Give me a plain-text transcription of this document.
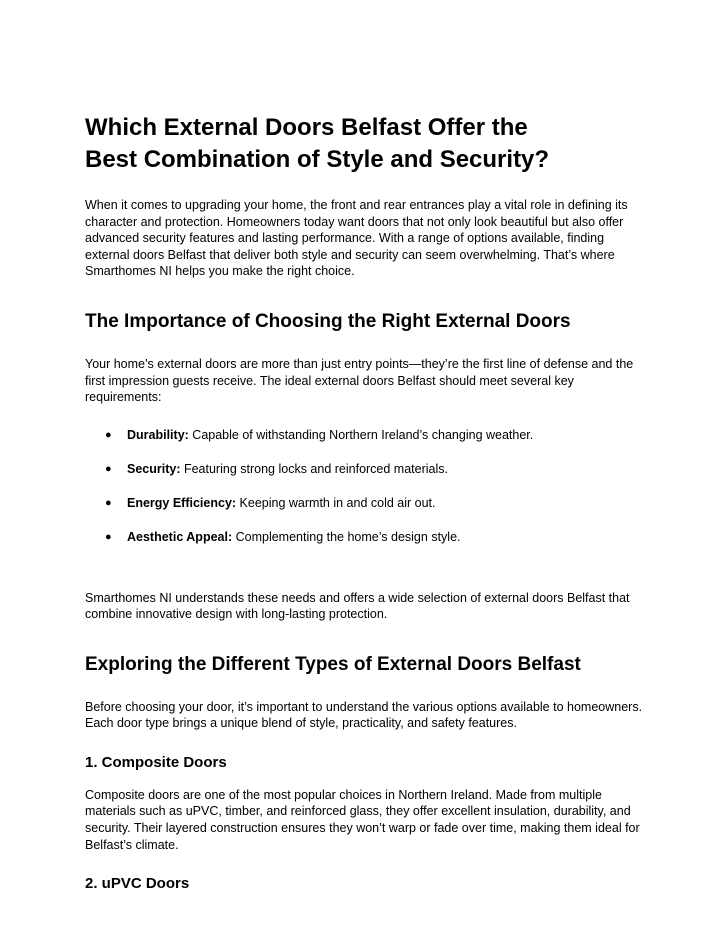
Which External Doors Belfast Offer the
Best Combination of Style and Security?

When it comes to upgrading your home, the front and rear entrances play a vital role in defining its character and protection. Homeowners today want doors that not only look beautiful but also offer advanced security features and lasting performance. With a range of options available, finding external doors Belfast that deliver both style and security can seem overwhelming. That’s where Smarthomes NI helps you make the right choice.

The Importance of Choosing the Right External Doors

Your home’s external doors are more than just entry points—they’re the first line of defense and the first impression guests receive. The ideal external doors Belfast should meet several key requirements:

● Durability: Capable of withstanding Northern Ireland’s changing weather.
● Security: Featuring strong locks and reinforced materials.
● Energy Efficiency: Keeping warmth in and cold air out.
● Aesthetic Appeal: Complementing the home’s design style.

Smarthomes NI understands these needs and offers a wide selection of external doors Belfast that combine innovative design with long-lasting protection.

Exploring the Different Types of External Doors Belfast

Before choosing your door, it’s important to understand the various options available to homeowners. Each door type brings a unique blend of style, practicality, and safety features.

1. Composite Doors

Composite doors are one of the most popular choices in Northern Ireland. Made from multiple materials such as uPVC, timber, and reinforced glass, they offer excellent insulation, durability, and security. Their layered construction ensures they won’t warp or fade over time, making them ideal for Belfast’s climate.

2. uPVC Doors
